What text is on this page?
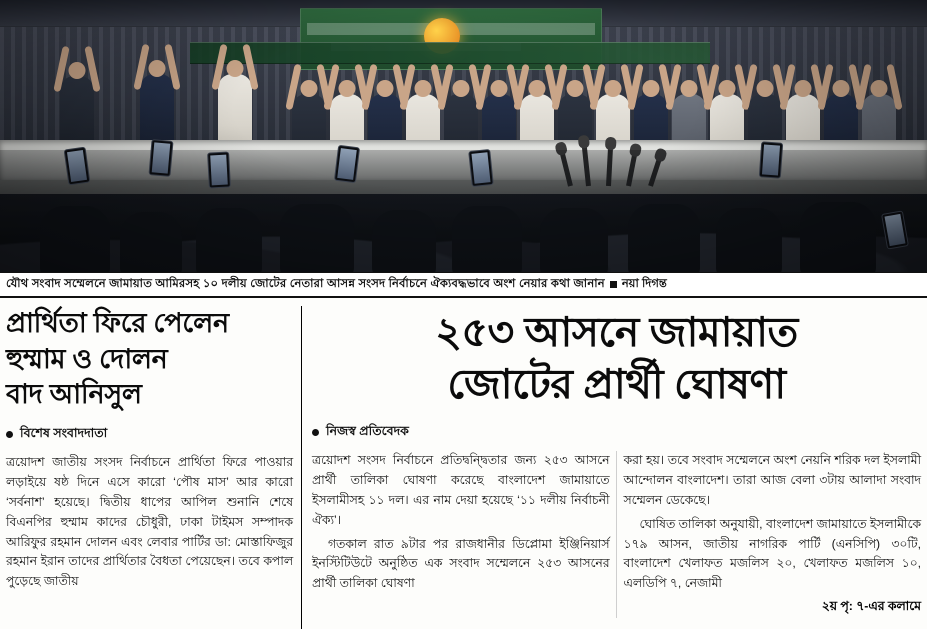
যৌথ সংবাদ সম্মেলনে জামায়াত আমিরসহ ১০ দলীয় জোটের নেতারা আসন্ন সংসদ নির্বাচনে ঐক্যবদ্ধভাবে অংশ নেয়ার কথা জানান নয়া দিগন্ত
প্রার্থিতা ফিরে পেলেন
হুম্মাম ও দোলন
বাদ আনিসুল
বিশেষ সংবাদদাতা

ত্রয়োদশ জাতীয় সংসদ নির্বাচনে প্রার্থিতা ফিরে পাওয়ার লড়াইয়ে ষষ্ঠ দিনে এসে কারো ‘পৌষ মাস’ আর কারো ‘সর্বনাশ’ হয়েছে। দ্বিতীয় ধাপের আপিল শুনানি শেষে বিএনপির হুম্মাম কাদের চৌধুরী, ঢাকা টাইমস সম্পাদক আরিফুর রহমান দোলন এবং লেবার পার্টির ডা: মোস্তাফিজুর রহমান ইরান তাদের প্রার্থিতার বৈধতা পেয়েছেন। তবে কপাল পুড়েছে জাতীয়

২৫৩ আসনে জামায়াত
জোটের প্রার্থী ঘোষণা
নিজস্ব প্রতিবেদক

ত্রয়োদশ সংসদ নির্বাচনে প্রতিদ্বন্দ্বিতার জন্য ২৫৩ আসনে প্রার্থী তালিকা ঘোষণা করেছে বাংলাদেশ জামায়াতে ইসলামীসহ ১১ দল। এর নাম দেয়া হয়েছে ‘১১ দলীয় নির্বাচনী ঐক্য’।

গতকাল রাত ৯টার পর রাজধানীর ডিপ্লোমা ইঞ্জিনিয়ার্স ইনস্টিটিউটে অনুষ্ঠিত এক সংবাদ সম্মেলনে ২৫৩ আসনের প্রার্থী তালিকা ঘোষণা

করা হয়। তবে সংবাদ সম্মেলনে অংশ নেয়নি শরিক দল ইসলামী আন্দোলন বাংলাদেশ। তারা আজ বেলা ৩টায় আলাদা সংবাদ সম্মেলন ডেকেছে।

ঘোষিত তালিকা অনুযায়ী, বাংলাদেশ জামায়াতে ইসলামীকে ১৭৯ আসন, জাতীয় নাগরিক পার্টি (এনসিপি) ৩০টি, বাংলাদেশ খেলাফত মজলিস ২০, খেলাফত মজলিস ১০, এলডিপি ৭, নেজামী

২য় পৃ: ৭-এর কলামে
